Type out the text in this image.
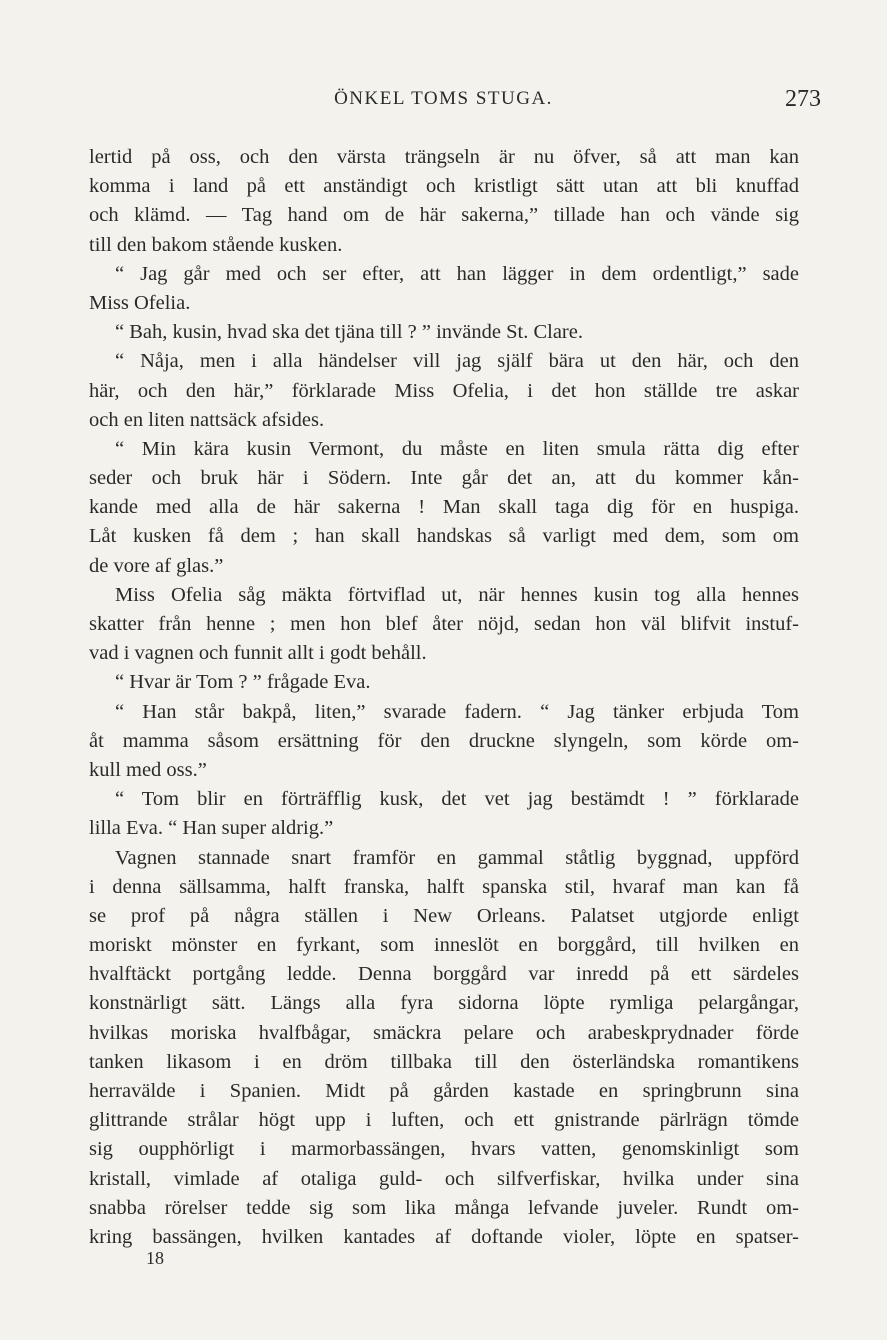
ÖNKEL TOMS STUGA.	273
lertid på oss, och den värsta trängseln är nu öfver, så att man kan
komma i land på ett anständigt och kristligt sätt utan att bli knuffad
och klämd. — Tag hand om de här sakerna,” tillade han och vände sig
till den bakom stående kusken.
“ Jag går med och ser efter, att han lägger in dem ordentligt,” sade
Miss Ofelia.
“ Bah, kusin, hvad ska det tjäna till ? ” invände St. Clare.
“ Nåja, men i alla händelser vill jag själf bära ut den här, och den
här, och den här,” förklarade Miss Ofelia, i det hon ställde tre askar
och en liten nattsäck afsides.
“ Min kära kusin Vermont, du måste en liten smula rätta dig efter
seder och bruk här i Södern. Inte går det an, att du kommer kån-
kande med alla de här sakerna ! Man skall taga dig för en huspiga.
Låt kusken få dem ; han skall handskas så varligt med dem, som om
de vore af glas.”
Miss Ofelia såg mäkta förtviflad ut, när hennes kusin tog alla hennes
skatter från henne ; men hon blef åter nöjd, sedan hon väl blifvit instuf-
vad i vagnen och funnit allt i godt behåll.
“ Hvar är Tom ? ” frågade Eva.
“ Han står bakpå, liten,” svarade fadern. “ Jag tänker erbjuda Tom
åt mamma såsom ersättning för den druckne slyngeln, som körde om-
kull med oss.”
“ Tom blir en förträfflig kusk, det vet jag bestämdt ! ” förklarade
lilla Eva. “ Han super aldrig.”
Vagnen stannade snart framför en gammal ståtlig byggnad, uppförd
i denna sällsamma, halft franska, halft spanska stil, hvaraf man kan få
se prof på några ställen i New Orleans. Palatset utgjorde enligt
moriskt mönster en fyrkant, som inneslöt en borggård, till hvilken en
hvalftäckt portgång ledde. Denna borggård var inredd på ett särdeles
konstnärligt sätt. Längs alla fyra sidorna löpte rymliga pelargångar,
hvilkas moriska hvalfbågar, smäckra pelare och arabeskprydnader förde
tanken likasom i en dröm tillbaka till den österländska romantikens
herravälde i Spanien. Midt på gården kastade en springbrunn sina
glittrande strålar högt upp i luften, och ett gnistrande pärlrägn tömde
sig oupphörligt i marmorbassängen, hvars vatten, genomskinligt som
kristall, vimlade af otaliga guld- och silfverfiskar, hvilka under sina
snabba rörelser tedde sig som lika många lefvande juveler. Rundt om-
kring bassängen, hvilken kantades af doftande violer, löpte en spatser-
18
